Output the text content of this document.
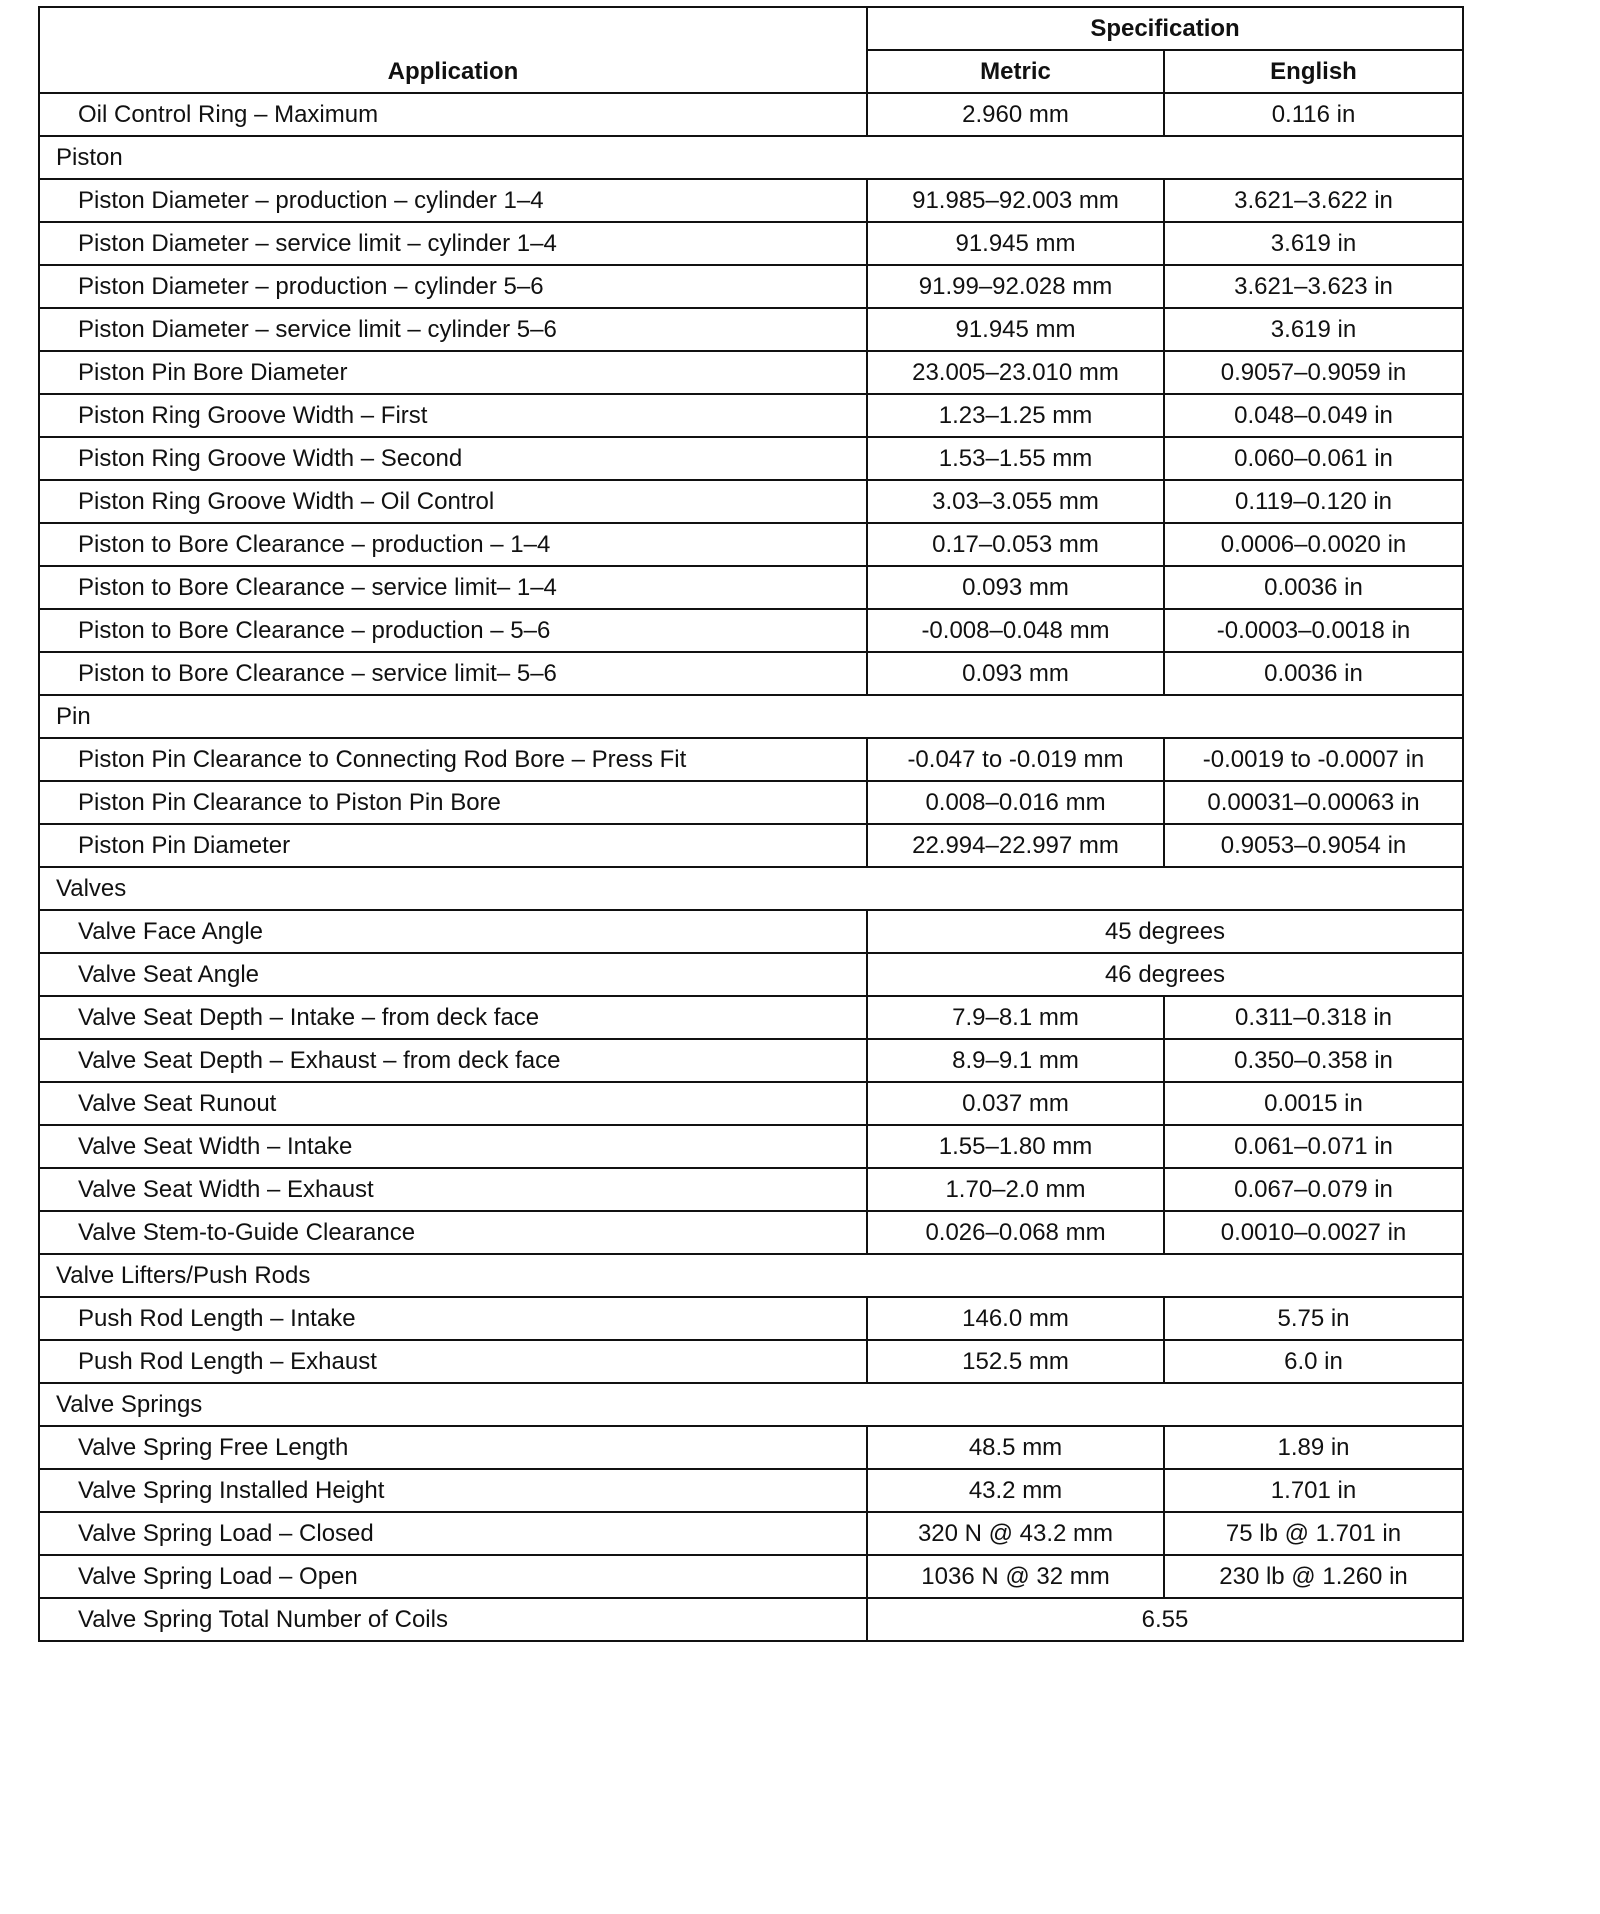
Application	Specification	
	Metric	English
Oil Control Ring – Maximum	2.960 mm	0.116 in
Piston		
Piston Diameter – production – cylinder 1–4	91.985–92.003 mm	3.621–3.622 in
Piston Diameter – service limit – cylinder 1–4	91.945 mm	3.619 in
Piston Diameter – production – cylinder 5–6	91.99–92.028 mm	3.621–3.623 in
Piston Diameter – service limit – cylinder 5–6	91.945 mm	3.619 in
Piston Pin Bore Diameter	23.005–23.010 mm	0.9057–0.9059 in
Piston Ring Groove Width – First	1.23–1.25 mm	0.048–0.049 in
Piston Ring Groove Width – Second	1.53–1.55 mm	0.060–0.061 in
Piston Ring Groove Width – Oil Control	3.03–3.055 mm	0.119–0.120 in
Piston to Bore Clearance – production – 1–4	0.17–0.053 mm	0.0006–0.0020 in
Piston to Bore Clearance – service limit– 1–4	0.093 mm	0.0036 in
Piston to Bore Clearance – production – 5–6	-0.008–0.048 mm	-0.0003–0.0018 in
Piston to Bore Clearance – service limit– 5–6	0.093 mm	0.0036 in
Pin		
Piston Pin Clearance to Connecting Rod Bore – Press Fit	-0.047 to -0.019 mm	-0.0019 to -0.0007 in
Piston Pin Clearance to Piston Pin Bore	0.008–0.016 mm	0.00031–0.00063 in
Piston Pin Diameter	22.994–22.997 mm	0.9053–0.9054 in
Valves		
Valve Face Angle	45 degrees	
Valve Seat Angle	46 degrees	
Valve Seat Depth – Intake – from deck face	7.9–8.1 mm	0.311–0.318 in
Valve Seat Depth – Exhaust – from deck face	8.9–9.1 mm	0.350–0.358 in
Valve Seat Runout	0.037 mm	0.0015 in
Valve Seat Width – Intake	1.55–1.80 mm	0.061–0.071 in
Valve Seat Width – Exhaust	1.70–2.0 mm	0.067–0.079 in
Valve Stem-to-Guide Clearance	0.026–0.068 mm	0.0010–0.0027 in
Valve Lifters/Push Rods		
Push Rod Length – Intake	146.0 mm	5.75 in
Push Rod Length – Exhaust	152.5 mm	6.0 in
Valve Springs		
Valve Spring Free Length	48.5 mm	1.89 in
Valve Spring Installed Height	43.2 mm	1.701 in
Valve Spring Load – Closed	320 N @ 43.2 mm	75 lb @ 1.701 in
Valve Spring Load – Open	1036 N @ 32 mm	230 lb @ 1.260 in
Valve Spring Total Number of Coils	6.55	
